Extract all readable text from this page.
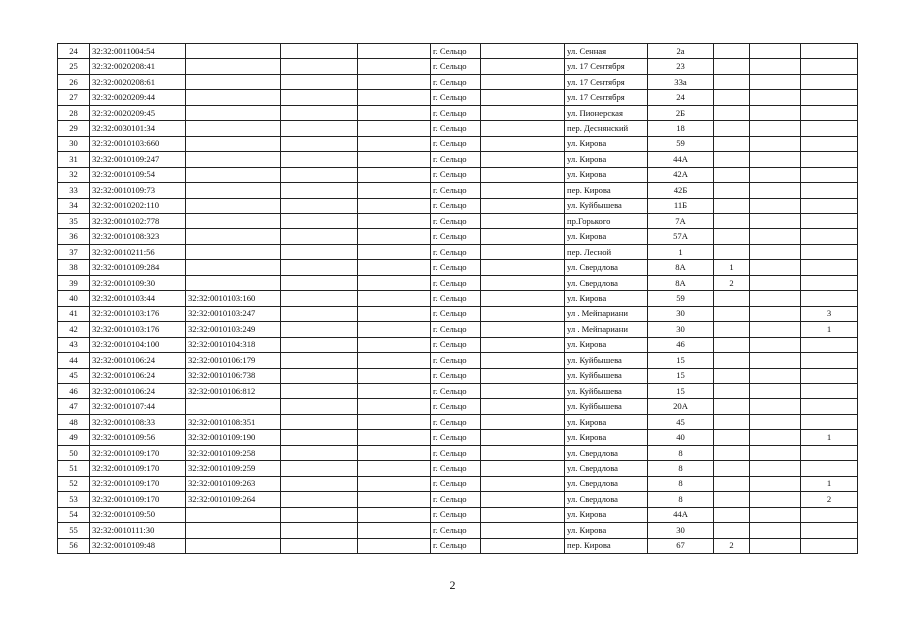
24	32:32:0011004:54				г. Сельцо		ул. Сенная	2а			
25	32:32:0020208:41				г. Сельцо		ул. 17 Сентября	23			
26	32:32:0020208:61				г. Сельцо		ул. 17 Сентября	33а			
27	32:32:0020209:44				г. Сельцо		ул. 17 Сентября	24			
28	32:32:0020209:45				г. Сельцо		ул. Пионерская	2Б			
29	32:32:0030101:34				г. Сельцо		пер. Деснянский	18			
30	32:32:0010103:660				г. Сельцо		ул. Кирова	59			
31	32:32:0010109:247				г. Сельцо		ул. Кирова	44А			
32	32:32:0010109:54				г. Сельцо		ул. Кирова	42А			
33	32:32:0010109:73				г. Сельцо		пер. Кирова	42Б			
34	32:32:0010202:110				г. Сельцо		ул. Куйбышева	11Б			
35	32:32:0010102:778				г. Сельцо		пр.Горького	7А			
36	32:32:0010108:323				г. Сельцо		ул. Кирова	57А			
37	32:32:0010211:56				г. Сельцо		пер. Лесной	1			
38	32:32:0010109:284				г. Сельцо		ул. Свердлова	8А	1		
39	32:32:0010109:30				г. Сельцо		ул. Свердлова	8А	2		
40	32:32:0010103:44	32:32:0010103:160			г. Сельцо		ул. Кирова	59			
41	32:32:0010103:176	32:32:0010103:247			г. Сельцо		ул . Мейпариани	30			3
42	32:32:0010103:176	32:32:0010103:249			г. Сельцо		ул . Мейпариани	30			1
43	32:32:0010104:100	32:32:0010104:318			г. Сельцо		ул. Кирова	46			
44	32:32:0010106:24	32:32:0010106:179			г. Сельцо		ул. Куйбышева	15			
45	32:32:0010106:24	32:32:0010106:738			г. Сельцо		ул. Куйбышева	15			
46	32:32:0010106:24	32:32:0010106:812			г. Сельцо		ул. Куйбышева	15			
47	32:32:0010107:44				г. Сельцо		ул. Куйбышева	20А			
48	32:32:0010108:33	32:32:0010108:351			г. Сельцо		ул. Кирова	45			
49	32:32:0010109:56	32:32:0010109:190			г. Сельцо		ул. Кирова	40			1
50	32:32:0010109:170	32:32:0010109:258			г. Сельцо		ул. Свердлова	8			
51	32:32:0010109:170	32:32:0010109:259			г. Сельцо		ул. Свердлова	8			
52	32:32:0010109:170	32:32:0010109:263			г. Сельцо		ул. Свердлова	8			1
53	32:32:0010109:170	32:32:0010109:264			г. Сельцо		ул. Свердлова	8			2
54	32:32:0010109:50				г. Сельцо		ул. Кирова	44А			
55	32:32:0010111:30				г. Сельцо		ул. Кирова	30			
56	32:32:0010109:48				г. Сельцо		пер. Кирова	67	2		
2
